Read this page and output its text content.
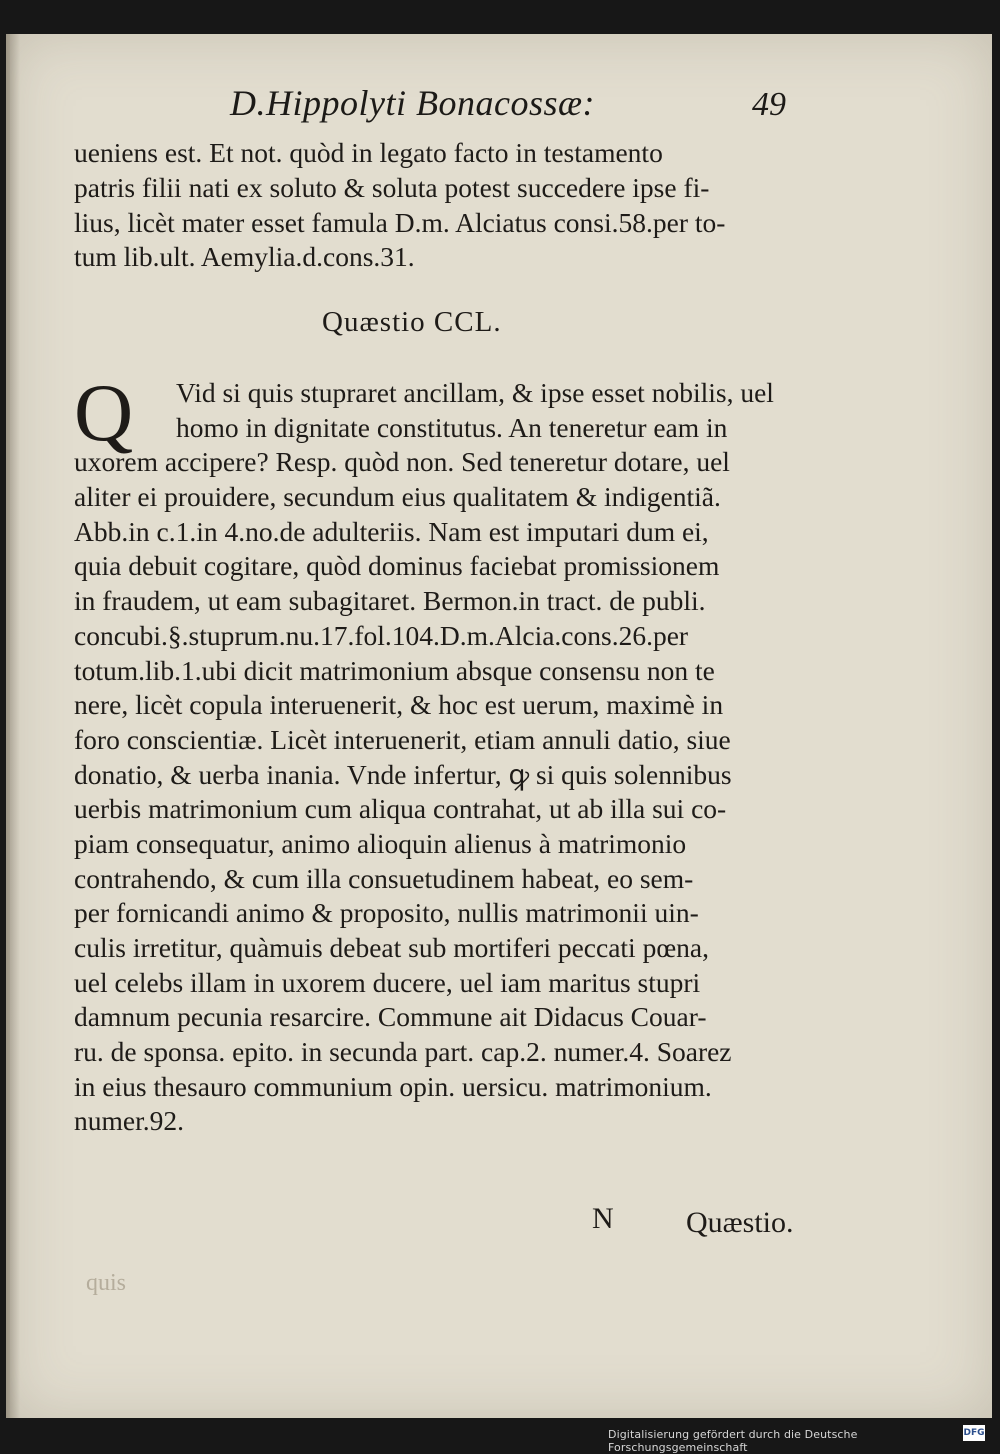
D.Hippolyti Bonacossæ:	49

ueniens est. Et not. quòd in legato facto in testamento

patris filii nati ex soluto & soluta potest succedere ipse fi-

lius, licèt mater esset famula D.m. Alciatus consi.58.per to-

tum lib.ult. Aemylia.d.cons.31.

Quæstio CCL.
Q	Vid si quis stupraret ancillam, & ipse esset nobilis, uel

homo in dignitate constitutus. An teneretur eam in

uxorem accipere? Resp. quòd non. Sed teneretur dotare, uel

aliter ei prouidere, secundum eius qualitatem & indigentiã.

Abb.in c.1.in 4.no.de adulteriis. Nam est imputari dum ei,

quia debuit cogitare, quòd dominus faciebat promissionem

in fraudem, ut eam subagitaret. Bermon.in tract. de publi.

concubi.§.stuprum.nu.17.fol.104.D.m.Alcia.cons.26.per

totum.lib.1.ubi dicit matrimonium absque consensu non te

nere, licèt copula interuenerit, & hoc est uerum, maximè in

foro conscientiæ. Licèt interuenerit, etiam annuli datio, siue

donatio, & uerba inania. Vnde infertur, ꝙ si quis solennibus

uerbis matrimonium cum aliqua contrahat, ut ab illa sui co-

piam consequatur, animo alioquin alienus à matrimonio

contrahendo, & cum illa consuetudinem habeat, eo sem-

per fornicandi animo & proposito, nullis matrimonii uin-

culis irretitur, quàmuis debeat sub mortiferi peccati pœna,

uel celebs illam in uxorem ducere, uel iam maritus stupri

damnum pecunia resarcire. Commune ait Didacus Couar-

ru. de sponsa. epito. in secunda part. cap.2. numer.4. Soarez

in eius thesauro communium opin. uersicu. matrimonium.

numer.92.

N Quæstio.
quis
Digitalisierung gefördert durch die Deutsche Forschungsgemeinschaft
DFG
